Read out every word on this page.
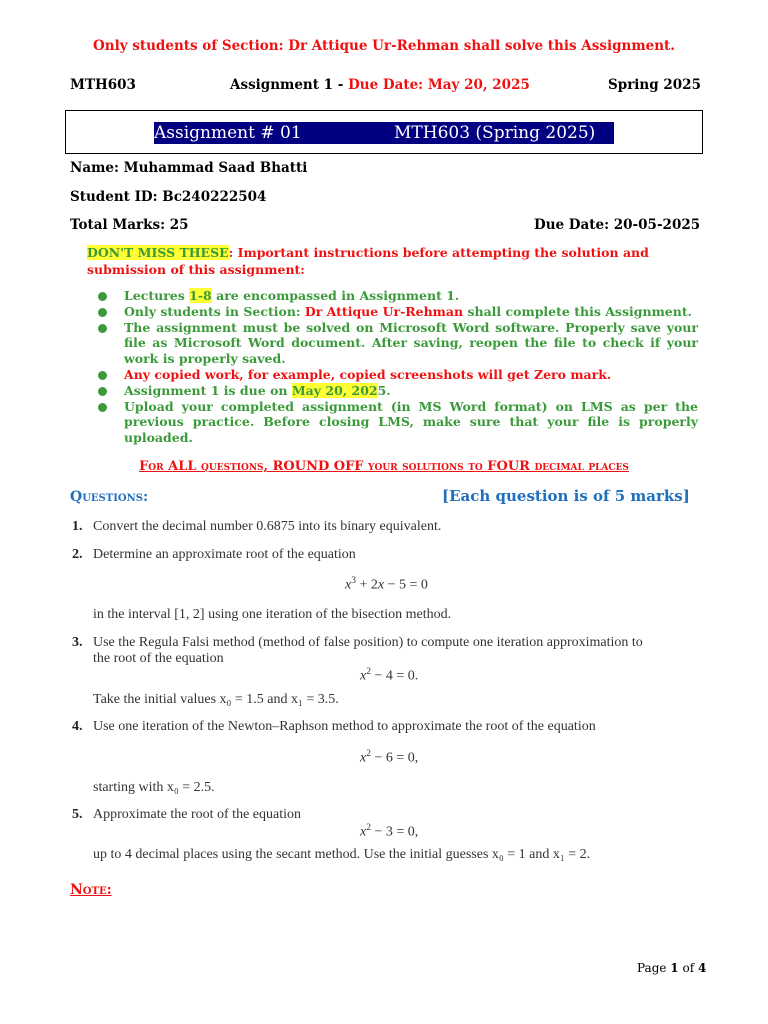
Only students of Section: Dr Attique Ur-Rehman shall solve this Assignment.
MTH603	Assignment 1 - Due Date: May 20, 2025	Spring 2025

Assignment # 01

	MTH603 (Spring 2025)

Name: Muhammad Saad Bhatti
Student ID: Bc240222504
Total Marks: 25	Due Date: 20-05-2025
DON'T MISS THESE: Important instructions before attempting the solution and submission of this assignment:
Lectures 1-8 are encompassed in Assignment 1.
Only students in Section: Dr Attique Ur-Rehman shall complete this Assignment.
The assignment must be solved on Microsoft Word software. Properly save your file as Microsoft Word document. After saving, reopen the file to check if your work is properly saved.
Any copied work, for example, copied screenshots will get Zero mark.
Assignment 1 is due on May 20, 2025.
Upload your completed assignment (in MS Word format) on LMS as per the previous practice. Before closing LMS, make sure that your file is properly uploaded.
For ALL questions, ROUND OFF your solutions to FOUR decimal places
Questions:	[Each question is of 5 marks]
1. Convert the decimal number 0.6875 into its binary equivalent.
2. Determine an approximate root of the equation
$x^3 + 2x - 5 = 0$
in the interval [1, 2] using one iteration of the bisection method.
3. Use the Regula Falsi method (method of false position) to compute one iteration approximation to
the root of the equation
$x^2 - 4 = 0$.
Take the initial values x₀ = 1.5 and x₁ = 3.5.
4. Use one iteration of the Newton–Raphson method to approximate the root of the equation
$x^2 - 6 = 0$,
starting with x₀ = 2.5.
5. Approximate the root of the equation
$x^2 - 3 = 0$,
up to 4 decimal places using the secant method. Use the initial guesses x₀ = 1 and x₁ = 2.
Note:
Page 1 of 4
